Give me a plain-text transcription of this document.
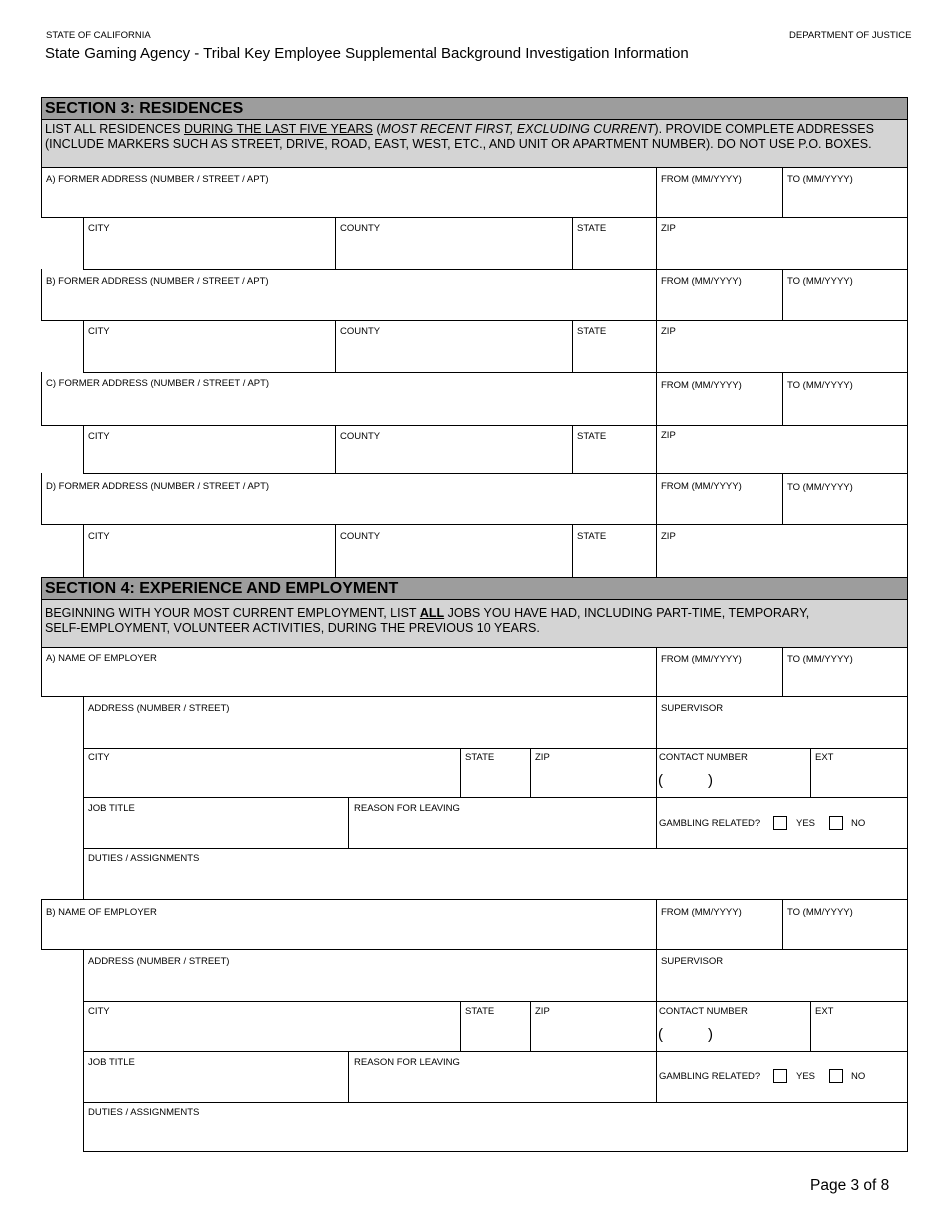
STATE OF CALIFORNIA	DEPARTMENT OF JUSTICE
State Gaming Agency - Tribal Key Employee Supplemental Background Investigation Information
SECTION 3: RESIDENCES
LIST ALL RESIDENCES DURING THE LAST FIVE YEARS (MOST RECENT FIRST, EXCLUDING CURRENT). PROVIDE COMPLETE ADDRESSES
(INCLUDE MARKERS SUCH AS STREET, DRIVE, ROAD, EAST, WEST, ETC., AND UNIT OR APARTMENT NUMBER). DO NOT USE P.O. BOXES.
A) FORMER ADDRESS (NUMBER / STREET / APT)	FROM (MM/YYYY)	TO (MM/YYYY)
CITY	COUNTY	STATE	ZIP
B) FORMER ADDRESS (NUMBER / STREET / APT)	FROM (MM/YYYY)	TO (MM/YYYY)
CITY	COUNTY	STATE	ZIP
C) FORMER ADDRESS (NUMBER / STREET / APT)	FROM (MM/YYYY)	TO (MM/YYYY)
CITY	COUNTY	STATE	ZIP
D) FORMER ADDRESS (NUMBER / STREET / APT)	FROM (MM/YYYY)	TO (MM/YYYY)
CITY	COUNTY	STATE	ZIP
SECTION 4: EXPERIENCE AND EMPLOYMENT
BEGINNING WITH YOUR MOST CURRENT EMPLOYMENT, LIST ALL JOBS YOU HAVE HAD, INCLUDING PART-TIME, TEMPORARY,
SELF-EMPLOYMENT, VOLUNTEER ACTIVITIES, DURING THE PREVIOUS 10 YEARS.
A) NAME OF EMPLOYER	FROM (MM/YYYY)	TO (MM/YYYY)
ADDRESS (NUMBER / STREET)	SUPERVISOR
CITY	STATE	ZIP	CONTACT NUMBER	EXT
(	)
JOB TITLE	REASON FOR LEAVING
GAMBLING RELATED?	YES	NO
DUTIES / ASSIGNMENTS
B) NAME OF EMPLOYER	FROM (MM/YYYY)	TO (MM/YYYY)
ADDRESS (NUMBER / STREET)	SUPERVISOR
CITY	STATE	ZIP	CONTACT NUMBER	EXT
(	)
JOB TITLE	REASON FOR LEAVING
GAMBLING RELATED?	YES	NO
DUTIES / ASSIGNMENTS
Page 3 of 8
